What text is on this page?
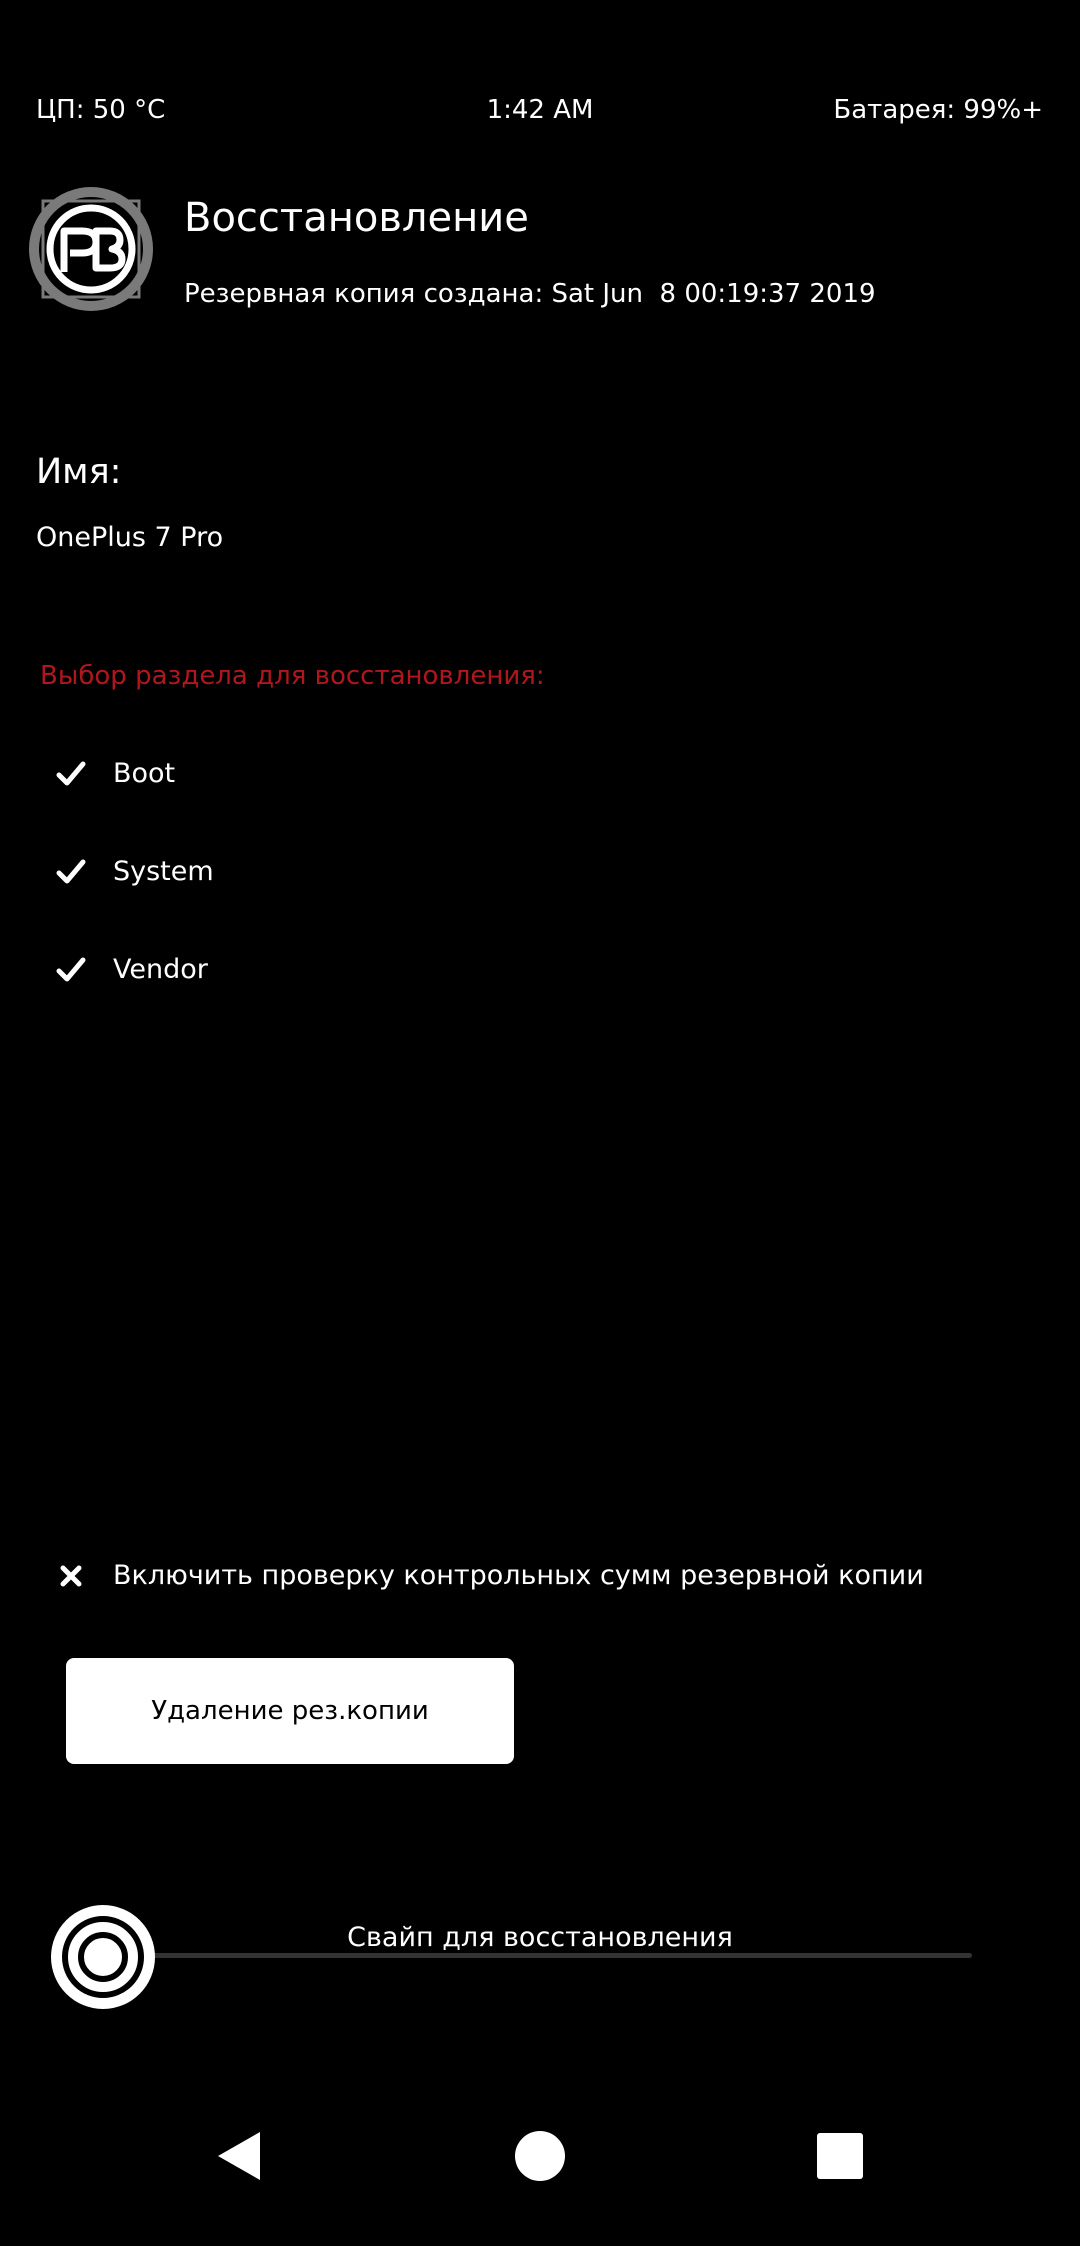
ЦП: 50 °C	1:42 AM	Батарея: 99%+
Восстановление
Резервная копия создана: Sat Jun  8 00:19:37 2019
Имя:
OnePlus 7 Pro
Выбор раздела для восстановления:
Boot
System
Vendor
Включить проверку контрольных сумм резервной копии
Удаление рез.копии
Свайп для восстановления
